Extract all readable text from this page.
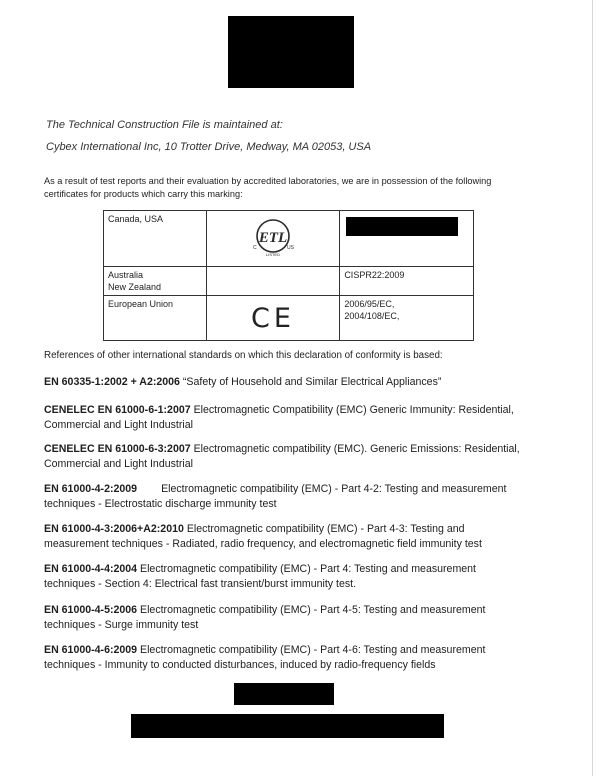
The Technical Construction File is maintained at:
Cybex International Inc, 10 Trotter Drive, Medway, MA 02053, USA
As a result of test reports and their evaluation by accredited laboratories, we are in possession of the following certificates for products which carry this marking:
Canada, USA	ETL
C US
LISTED	

Australia
New Zealand		CISPR22:2009
European Union	CE	2006/95/EC,
2004/108/EC,
References of other international standards on which this declaration of conformity is based:
EN 60335-1:2002 + A2:2006 “Safety of Household and Similar Electrical Appliances”
CENELEC EN 61000-6-1:2007 Electromagnetic Compatibility (EMC) Generic Immunity: Residential, Commercial and Light Industrial
CENELEC EN 61000-6-3:2007 Electromagnetic compatibility (EMC). Generic Emissions: Residential, Commercial and Light Industrial
EN 61000-4-2:2009 Electromagnetic compatibility (EMC) - Part 4-2: Testing and measurement techniques - Electrostatic discharge immunity test
EN 61000-4-3:2006+A2:2010 Electromagnetic compatibility (EMC) - Part 4-3: Testing and measurement techniques - Radiated, radio frequency, and electromagnetic field immunity test
EN 61000-4-4:2004 Electromagnetic compatibility (EMC) - Part 4: Testing and measurement techniques - Section 4: Electrical fast transient/burst immunity test.
EN 61000-4-5:2006 Electromagnetic compatibility (EMC) - Part 4-5: Testing and measurement techniques - Surge immunity test
EN 61000-4-6:2009 Electromagnetic compatibility (EMC) - Part 4-6: Testing and measurement techniques - Immunity to conducted disturbances, induced by radio-frequency fields
